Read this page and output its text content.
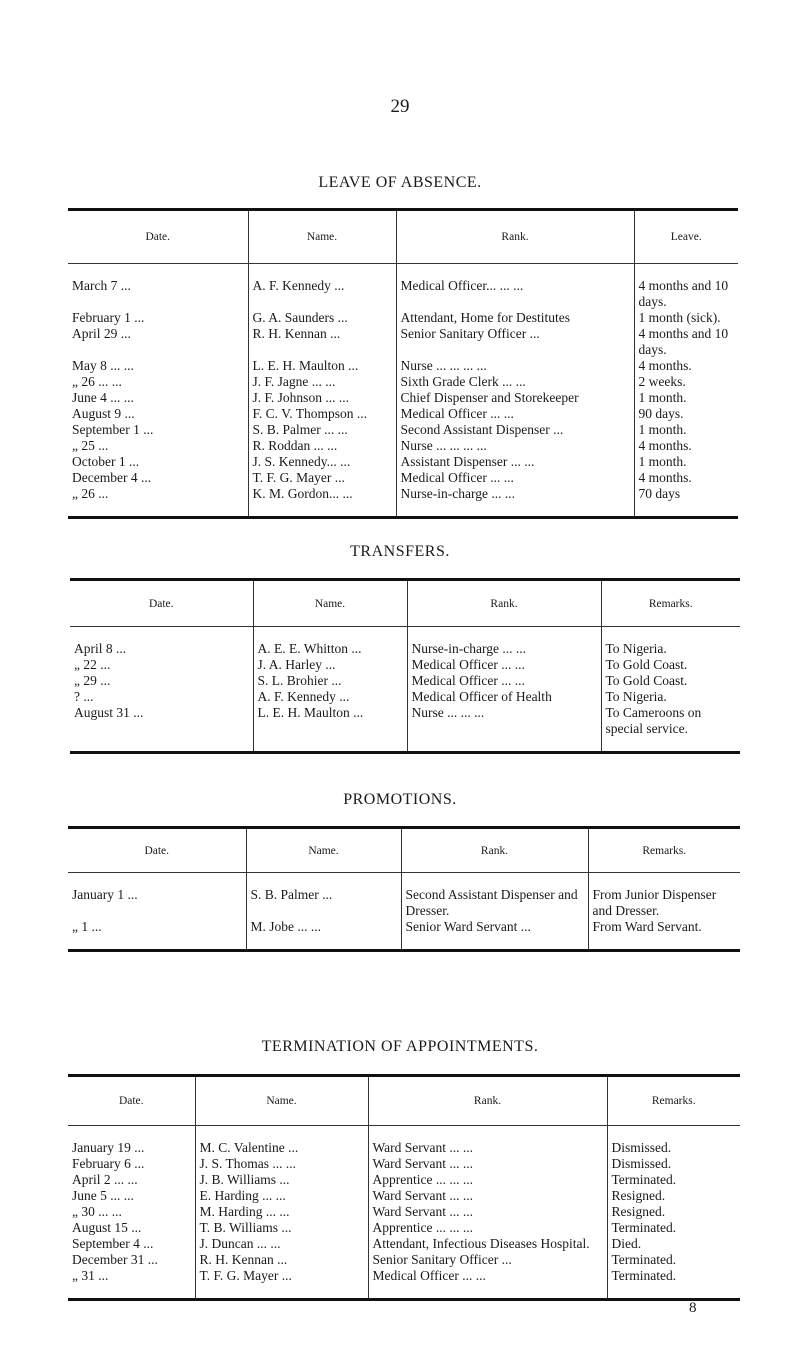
29
LEAVE OF ABSENCE.
Date.	Name.	Rank.	Leave.

March 7 ...	A. F. Kennedy ...	Medical Officer... ... ...	4 months and 10 days.
February 1 ...	G. A. Saunders ...	Attendant, Home for Destitutes	1 month (sick).
April 29 ...	R. H. Kennan ...	Senior Sanitary Officer ...	4 months and 10 days.
May 8 ... ...	L. E. H. Maulton ...	Nurse ... ... ... ...	4 months.
„ 26 ... ...	J. F. Jagne ... ...	Sixth Grade Clerk ... ...	2 weeks.
June 4 ... ...	J. F. Johnson ... ...	Chief Dispenser and Storekeeper	1 month.
August 9 ...	F. C. V. Thompson ...	Medical Officer ... ...	90 days.
September 1 ...	S. B. Palmer ... ...	Second Assistant Dispenser ...	1 month.
„ 25 ...	R. Roddan ... ...	Nurse ... ... ... ...	4 months.
October 1 ...	J. S. Kennedy... ...	Assistant Dispenser ... ...	1 month.
December 4 ...	T. F. G. Mayer ...	Medical Officer ... ...	4 months.
„ 26 ...	K. M. Gordon... ...	Nurse-in-charge ... ...	70 days

TRANSFERS.
Date.	Name.	Rank.	Remarks.

April 8 ...	A. E. E. Whitton ...	Nurse-in-charge ... ...	To Nigeria.
„ 22 ...	J. A. Harley ...	Medical Officer ... ...	To Gold Coast.
„ 29 ...	S. L. Brohier ...	Medical Officer ... ...	To Gold Coast.
? ...	A. F. Kennedy ...	Medical Officer of Health	To Nigeria.
August 31 ...	L. E. H. Maulton ...	Nurse ... ... ...	To Cameroons on special service.

PROMOTIONS.
Date.	Name.	Rank.	Remarks.

January 1 ...	S. B. Palmer ...	Second Assistant Dispenser and Dresser.	From Junior Dispenser and Dresser.
„ 1 ...	M. Jobe ... ...	Senior Ward Servant ...	From Ward Servant.

TERMINATION OF APPOINTMENTS.
Date.	Name.	Rank.	Remarks.

January 19 ...	M. C. Valentine ...	Ward Servant ... ...	Dismissed.
February 6 ...	J. S. Thomas ... ...	Ward Servant ... ...	Dismissed.
April 2 ... ...	J. B. Williams ...	Apprentice ... ... ...	Terminated.
June 5 ... ...	E. Harding ... ...	Ward Servant ... ...	Resigned.
„ 30 ... ...	M. Harding ... ...	Ward Servant ... ...	Resigned.
August 15 ...	T. B. Williams ...	Apprentice ... ... ...	Terminated.
September 4 ...	J. Duncan ... ...	Attendant, Infectious Diseases Hospital.	Died.
December 31 ...	R. H. Kennan ...	Senior Sanitary Officer ...	Terminated.
„ 31 ...	T. F. G. Mayer ...	Medical Officer ... ...	Terminated.

8
